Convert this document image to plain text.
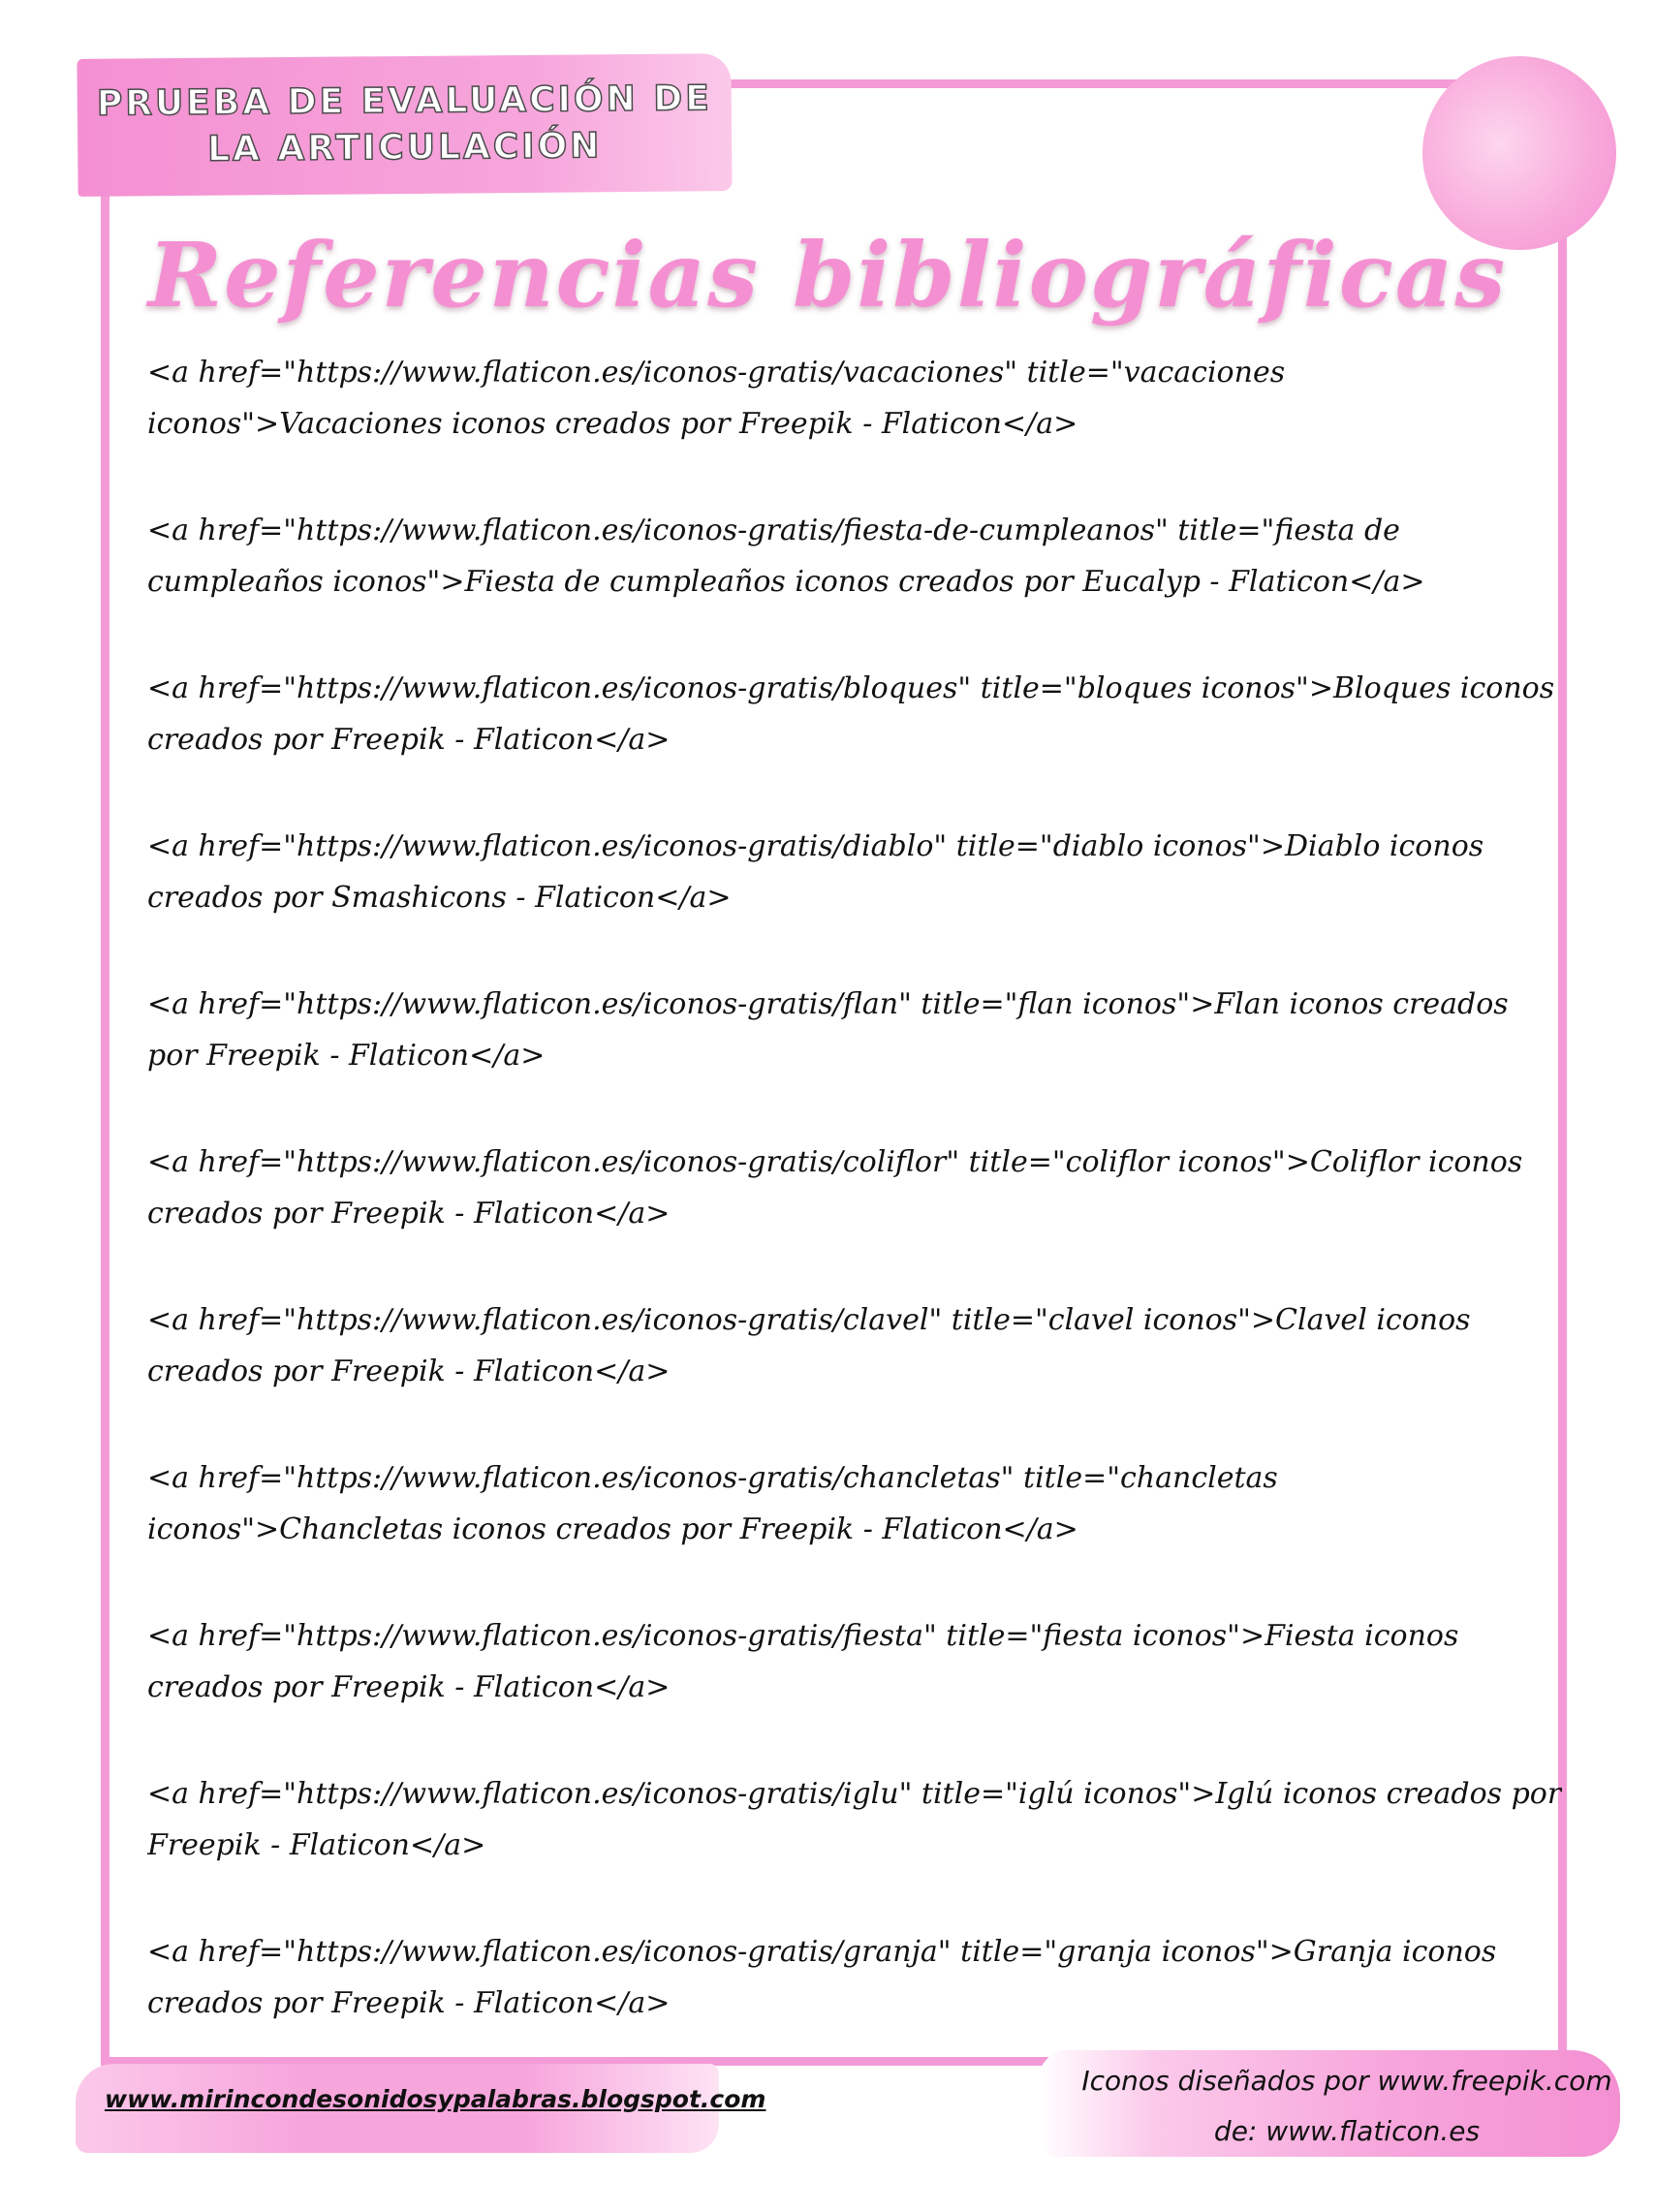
PRUEBA DE EVALUACIÓN DE
LA ARTICULACIÓN
Referencias bibliográficas
<a href="https://www.flaticon.es/iconos-gratis/vacaciones" title="vacaciones iconos">Vacaciones iconos creados por Freepik - Flaticon</a>
<a href="https://www.flaticon.es/iconos-gratis/fiesta-de-cumpleanos" title="fiesta de cumpleaños iconos">Fiesta de cumpleaños iconos creados por Eucalyp - Flaticon</a>
<a href="https://www.flaticon.es/iconos-gratis/bloques" title="bloques iconos">Bloques iconos creados por Freepik - Flaticon</a>
<a href="https://www.flaticon.es/iconos-gratis/diablo" title="diablo iconos">Diablo iconos creados por Smashicons - Flaticon</a>
<a href="https://www.flaticon.es/iconos-gratis/flan" title="flan iconos">Flan iconos creados por Freepik - Flaticon</a>
<a href="https://www.flaticon.es/iconos-gratis/coliflor" title="coliflor iconos">Coliflor iconos creados por Freepik - Flaticon</a>
<a href="https://www.flaticon.es/iconos-gratis/clavel" title="clavel iconos">Clavel iconos creados por Freepik - Flaticon</a>
<a href="https://www.flaticon.es/iconos-gratis/chancletas" title="chancletas iconos">Chancletas iconos creados por Freepik - Flaticon</a>
<a href="https://www.flaticon.es/iconos-gratis/fiesta" title="fiesta iconos">Fiesta iconos creados por Freepik - Flaticon</a>
<a href="https://www.flaticon.es/iconos-gratis/iglu" title="iglú iconos">Iglú iconos creados por Freepik - Flaticon</a>
<a href="https://www.flaticon.es/iconos-gratis/granja" title="granja iconos">Granja iconos creados por Freepik - Flaticon</a>
www.mirincondesonidosypalabras.blogspot.com
Iconos diseñados por www.freepik.com
de: www.flaticon.es
